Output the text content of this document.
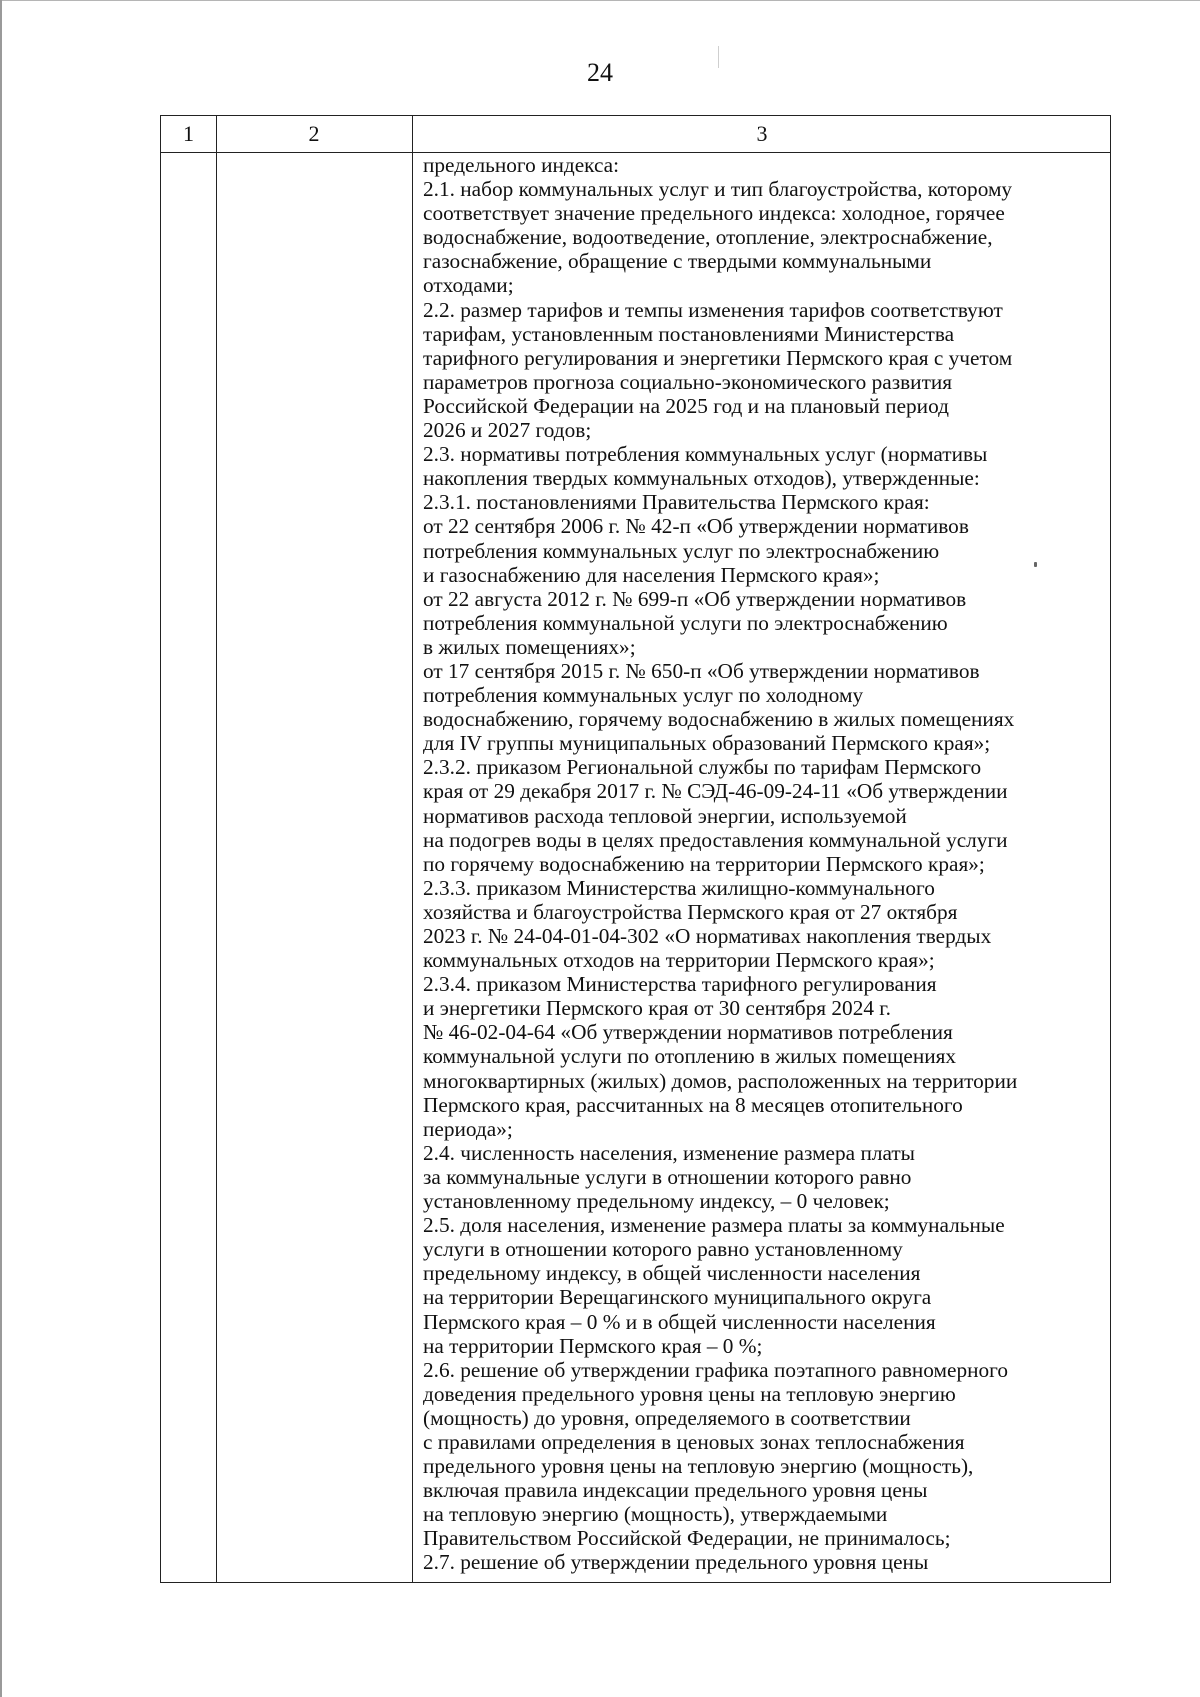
24
1	2	3
предельного индекса:
2.1. набор коммунальных услуг и тип благоустройства, которому
соответствует значение предельного индекса: холодное, горячее
водоснабжение, водоотведение, отопление, электроснабжение,
газоснабжение, обращение с твердыми коммунальными
отходами;
2.2. размер тарифов и темпы изменения тарифов соответствуют
тарифам, установленным постановлениями Министерства
тарифного регулирования и энергетики Пермского края с учетом
параметров прогноза социально-экономического развития
Российской Федерации на 2025 год и на плановый период
2026 и 2027 годов;
2.3. нормативы потребления коммунальных услуг (нормативы
накопления твердых коммунальных отходов), утвержденные:
2.3.1. постановлениями Правительства Пермского края:
от 22 сентября 2006 г. № 42-п «Об утверждении нормативов
потребления коммунальных услуг по электроснабжению
и газоснабжению для населения Пермского края»;
от 22 августа 2012 г. № 699-п «Об утверждении нормативов
потребления коммунальной услуги по электроснабжению
в жилых помещениях»;
от 17 сентября 2015 г. № 650-п «Об утверждении нормативов
потребления коммунальных услуг по холодному
водоснабжению, горячему водоснабжению в жилых помещениях
для IV группы муниципальных образований Пермского края»;
2.3.2. приказом Региональной службы по тарифам Пермского
края от 29 декабря 2017 г. № СЭД-46-09-24-11 «Об утверждении
нормативов расхода тепловой энергии, используемой
на подогрев воды в целях предоставления коммунальной услуги
по горячему водоснабжению на территории Пермского края»;
2.3.3. приказом Министерства жилищно-коммунального
хозяйства и благоустройства Пермского края от 27 октября
2023 г. № 24-04-01-04-302 «О нормативах накопления твердых
коммунальных отходов на территории Пермского края»;
2.3.4. приказом Министерства тарифного регулирования
и энергетики Пермского края от 30 сентября 2024 г.
№ 46-02-04-64 «Об утверждении нормативов потребления
коммунальной услуги по отоплению в жилых помещениях
многоквартирных (жилых) домов, расположенных на территории
Пермского края, рассчитанных на 8 месяцев отопительного
периода»;
2.4. численность населения, изменение размера платы
за коммунальные услуги в отношении которого равно
установленному предельному индексу, – 0 человек;
2.5. доля населения, изменение размера платы за коммунальные
услуги в отношении которого равно установленному
предельному индексу, в общей численности населения
на территории Верещагинского муниципального округа
Пермского края – 0 % и в общей численности населения
на территории Пермского края – 0 %;
2.6. решение об утверждении графика поэтапного равномерного
доведения предельного уровня цены на тепловую энергию
(мощность) до уровня, определяемого в соответствии
с правилами определения в ценовых зонах теплоснабжения
предельного уровня цены на тепловую энергию (мощность),
включая правила индексации предельного уровня цены
на тепловую энергию (мощность), утверждаемыми
Правительством Российской Федерации, не принималось;
2.7. решение об утверждении предельного уровня цены
